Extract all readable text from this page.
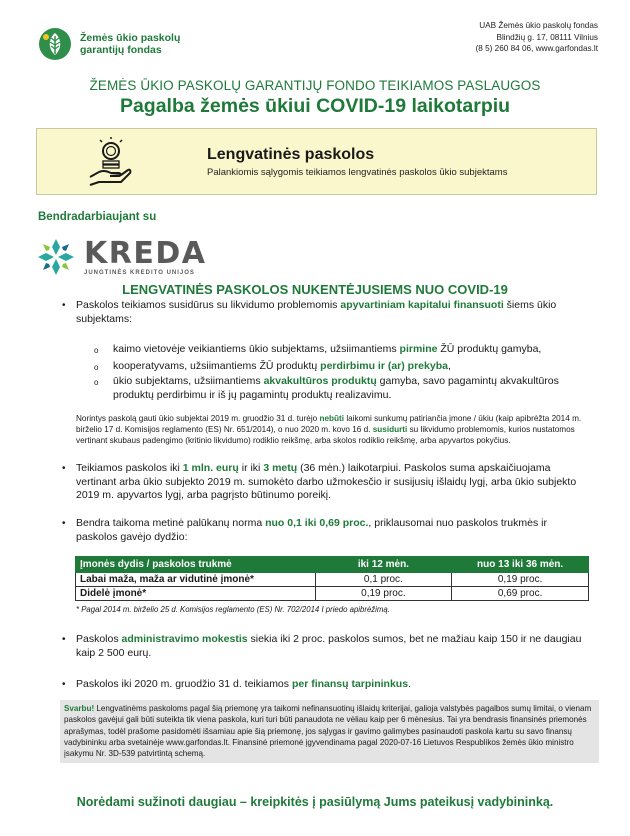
Žemės ūkio paskolų
garantijų fondas
UAB Žemės ūkio paskolų fondas
Blindžių g. 17, 08111 Vilnius
(8 5) 260 84 06, www.garfondas.lt
ŽEMĖS ŪKIO PASKOLŲ GARANTIJŲ FONDO TEIKIAMOS PASLAUGOS
Pagalba žemės ūkiui COVID-19 laikotarpiu
Lengvatinės paskolos
Palankiomis sąlygomis teikiamos lengvatinės paskolos ūkio subjektams
Bendradarbiaujant su
KREDA
JUNGTINĖS KREDITO UNIJOS
LENGVATINĖS PASKOLOS NUKENTĖJUSIEMS NUO COVID-19
• Paskolos teikiamos susidūrus su likvidumo problemomis apyvartiniam kapitalui finansuoti šiems ūkio subjektams:
o kaimo vietovėje veikiantiems ūkio subjektams, užsiimantiems pirmine ŽŪ produktų gamyba,
o kooperatyvams, užsiimantiems ŽŪ produktų perdirbimu ir (ar) prekyba,
o ūkio subjektams, užsiimantiems akvakultūros produktų gamyba, savo pagamintų akvakultūros produktų perdirbimu ir iš jų pagamintų produktų realizavimu.
Norintys paskolą gauti ūkio subjektai 2019 m. gruodžio 31 d. turėjo nebūti laikomi sunkumų patiriančia įmone / ūkiu (kaip apibrėžta 2014 m. birželio 17 d. Komisijos reglamento (ES) Nr. 651/2014), o nuo 2020 m. kovo 16 d. susidurti su likvidumo problemomis, kurios nustatomos vertinant skubaus padengimo (kritinio likvidumo) rodiklio reikšmę, arba skolos rodiklio reikšmę, arba apyvartos pokyčius.
• Teikiamos paskolos iki 1 mln. eurų ir iki 3 metų (36 mėn.) laikotarpiui. Paskolos suma apskaičiuojama vertinant arba ūkio subjekto 2019 m. sumokėto darbo užmokesčio ir susijusių išlaidų lygį, arba ūkio subjekto 2019 m. apyvartos lygį, arba pagrįsto būtinumo poreikį.
• Bendra taikoma metinė palūkanų norma nuo 0,1 iki 0,69 proc., priklausomai nuo paskolos trukmės ir paskolos gavėjo dydžio:
Įmonės dydis / paskolos trukmė	iki 12 mėn.	nuo 13 iki 36 mėn.
Labai maža, maža ar vidutinė įmonė*	0,1 proc.	0,19 proc.
Didelė įmonė*	0,19 proc.	0,69 proc.
* Pagal 2014 m. birželio 25 d. Komisijos reglamento (ES) Nr. 702/2014 I priedo apibrėžimą.
• Paskolos administravimo mokestis siekia iki 2 proc. paskolos sumos, bet ne mažiau kaip 150 ir ne daugiau kaip 2 500 eurų.
• Paskolos iki 2020 m. gruodžio 31 d. teikiamos per finansų tarpininkus.
Svarbu! Lengvatinėms paskoloms pagal šią priemonę yra taikomi nefinansuotinų išlaidų kriterijai, galioja valstybės pagalbos sumų limitai, o vienam paskolos gavėjui gali būti suteikta tik viena paskola, kuri turi būti panaudota ne vėliau kaip per 6 mėnesius. Tai yra bendrasis finansinės priemonės aprašymas, todėl prašome pasidomėti išsamiau apie šią priemonę, jos sąlygas ir gavimo galimybes pasinaudoti paskola kartu su savo finansų vadybininku arba svetainėje www.garfondas.lt. Finansinė priemonė įgyvendinama pagal 2020-07-16 Lietuvos Respublikos žemės ūkio ministro įsakymu Nr. 3D-539 patvirtintą schemą.
Norėdami sužinoti daugiau – kreipkitės į pasiūlymą Jums pateikusį vadybininką.
